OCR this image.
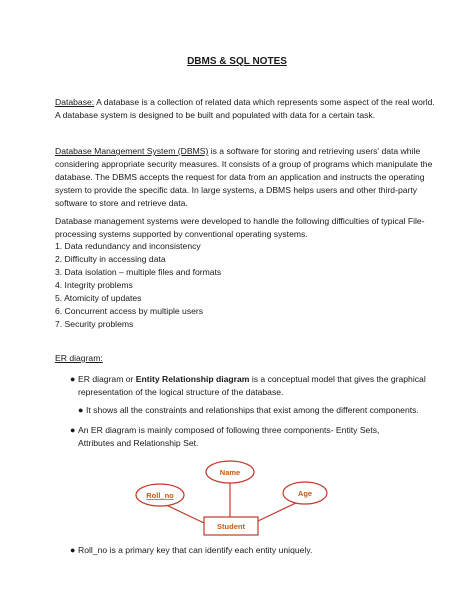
DBMS & SQL NOTES
Database: A database is a collection of related data which represents some aspect of the real world. A database system is designed to be built and populated with data for a certain task.
Database Management System (DBMS) is a software for storing and retrieving users' data while considering appropriate security measures. It consists of a group of programs which manipulate the database. The DBMS accepts the request for data from an application and instructs the operating system to provide the specific data. In large systems, a DBMS helps users and other third-party software to store and retrieve data.
Database management systems were developed to handle the following difficulties of typical File-processing systems supported by conventional operating systems.
1. Data redundancy and inconsistency
2. Difficulty in accessing data
3. Data isolation – multiple files and formats
4. Integrity problems
5. Atomicity of updates
6. Concurrent access by multiple users
7. Security problems
ER diagram:
● ER diagram or Entity Relationship diagram is a conceptual model that gives the graphical representation of the logical structure of the database.
● It shows all the constraints and relationships that exist among the different components.
● An ER diagram is mainly composed of following three components- Entity Sets, Attributes and Relationship Set.
Name
Roll_no	Age
Student
● Roll_no is a primary key that can identify each entity uniquely.
